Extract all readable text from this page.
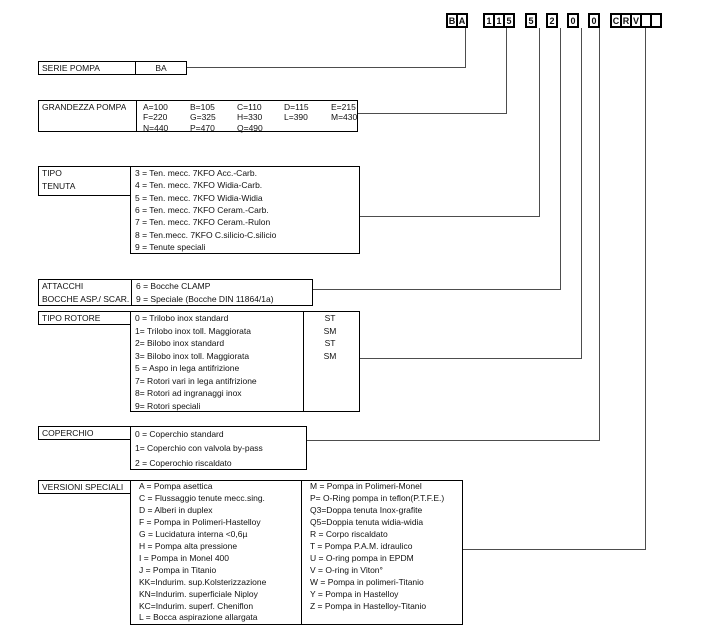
B A	1 1 5	5	2	0	0	C R V
SERIE POMPA	BA
GRANDEZZA POMPA	A=100	B=105	C=110	D=115	E=215
F=220	G=325 H=330	L=390	M=430
N=440	P=470	Q=490
TIPO
TENUTA
3 = Ten. mecc. 7KFO Acc.-Carb.
4 = Ten. mecc. 7KFO Widia-Carb.
5 = Ten. mecc. 7KFO Widia-Widia
6 = Ten. mecc. 7KFO Ceram.-Carb.
7 = Ten. mecc. 7KFO Ceram.-Rulon
8 = Ten.mecc. 7KFO C.silicio-C.silicio
9 = Tenute speciali
ATTACCHI
BOCCHE ASP./ SCAR.
6 = Bocche CLAMP
9 = Speciale (Bocche DIN 11864/1a)
TIPO ROTORE	0 = Trilobo inox standard	ST
1= Trilobo inox toll. Maggiorata	SM
2= Bilobo inox standard	ST
3= Bilobo inox toll. Maggiorata	SM
5 = Aspo in lega antifrizione
7= Rotori vari in lega antifrizione
8= Rotori ad ingranaggi inox
9= Rotori speciali
COPERCHIO	0 = Coperchio standard
1= Coperchio con valvola by-pass
2 = Coperochio riscaldato
VERSIONI SPECIALI	A = Pompa asettica
C = Flussaggio tenute mecc.sing.
D = Alberi in duplex
F = Pompa in Polimeri-Hastelloy
G = Lucidatura interna <0,6µ
H = Pompa alta pressione
I = Pompa in Monel 400
J = Pompa in Titanio
KK=Indurim. sup.Kolsterizzazione
KN=Indurim. superficiale Niploy
KC=Indurim. superf. Cheniflon
L = Bocca aspirazione allargata
M = Pompa in Polimeri-Monel
P= O-Ring pompa in teflon(P.T.F.E.)
Q3=Doppa tenuta Inox-grafite
Q5=Doppia tenuta widia-widia
R = Corpo riscaldato
T = Pompa P.A.M. idraulico
U = O-ring pompa in EPDM
V = O-ring in Viton°
W = Pompa in polimeri-Titanio
Y = Pompa in Hastelloy
Z = Pompa in Hastelloy-Titanio
